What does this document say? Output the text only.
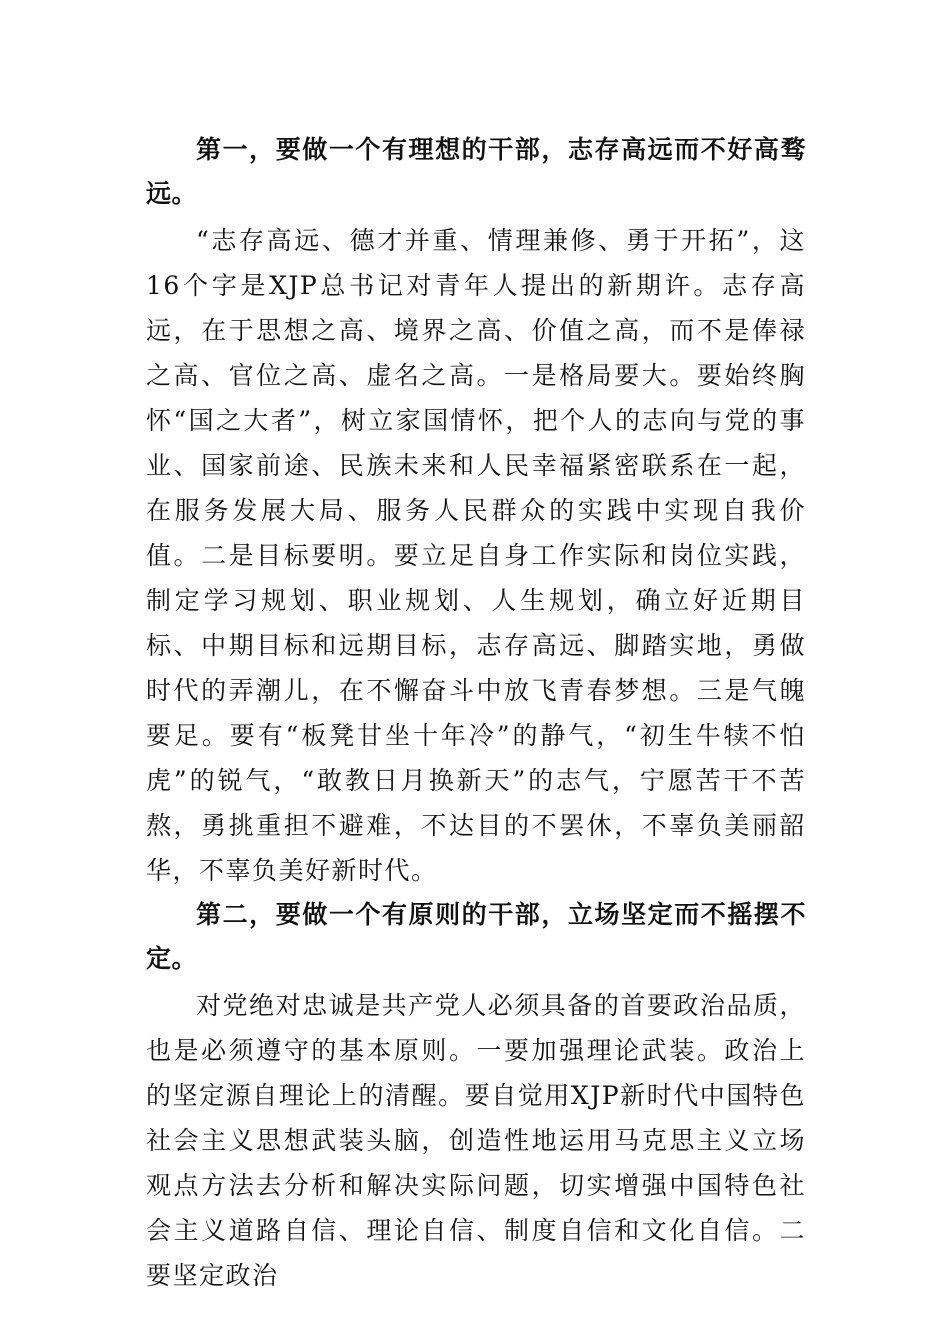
第一，要做一个有理想的干部，志存高远而不好高骛远。

“志存高远、德才并重、情理兼修、勇于开拓”，这16个字是XJP总书记对青年人提出的新期许。志存高远，在于思想之高、境界之高、价值之高，而不是俸禄之高、官位之高、虚名之高。一是格局要大。要始终胸怀“国之大者”，树立家国情怀，把个人的志向与党的事业、国家前途、民族未来和人民幸福紧密联系在一起，在服务发展大局、服务人民群众的实践中实现自我价值。二是目标要明。要立足自身工作实际和岗位实践，制定学习规划、职业规划、人生规划，确立好近期目标、中期目标和远期目标，志存高远、脚踏实地，勇做时代的弄潮儿，在不懈奋斗中放飞青春梦想。三是气魄要足。要有“板凳甘坐十年冷”的静气，“初生牛犊不怕虎”的锐气，“敢教日月换新天”的志气，宁愿苦干不苦熬，勇挑重担不避难，不达目的不罢休，不辜负美丽韶华，不辜负美好新时代。

第二，要做一个有原则的干部，立场坚定而不摇摆不定。

对党绝对忠诚是共产党人必须具备的首要政治品质，也是必须遵守的基本原则。一要加强理论武装。政治上的坚定源自理论上的清醒。要自觉用XJP新时代中国特色社会主义思想武装头脑，创造性地运用马克思主义立场观点方法去分析和解决实际问题，切实增强中国特色社会主义道路自信、理论自信、制度自信和文化自信。二要坚定政治
